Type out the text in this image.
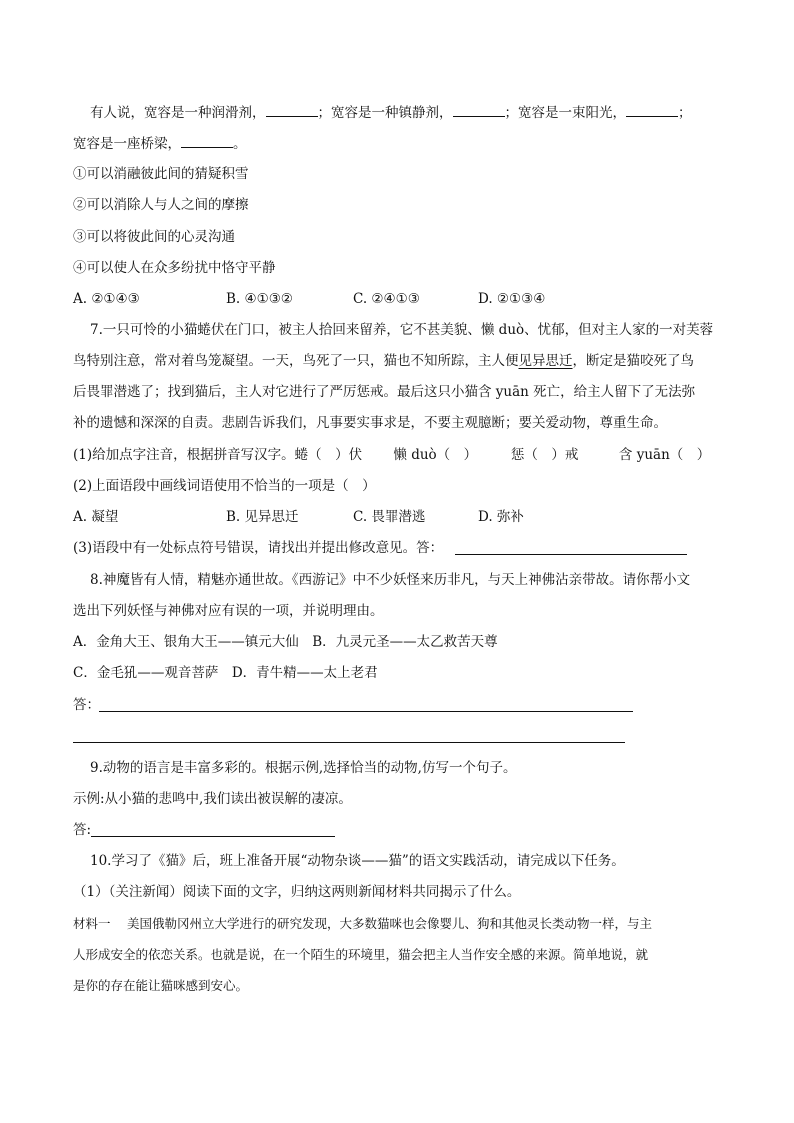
有人说，宽容是一种润滑剂，	；宽容是一种镇静剂，	；宽容是一束阳光，	；
宽容是一座桥梁，	。
①可以消融彼此间的猜疑积雪
②可以消除人与人之间的摩擦
③可以将彼此间的心灵沟通
④可以使人在众多纷扰中恪守平静
A. ②①④③	B. ④①③②	C. ②④①③	D. ②①③④
7.一只可怜的小猫蜷伏在门口，被主人拾回来留养，它不甚美貌、懒 duò、忧郁，但对主人家的一对芙蓉
鸟特别注意，常对着鸟笼凝望。一天，鸟死了一只，猫也不知所踪，主人便见异思迁，断定是猫咬死了鸟
后畏罪潜逃了；找到猫后，主人对它进行了严厉惩戒。最后这只小猫含 yuān 死亡，给主人留下了无法弥
补的遗憾和深深的自责。悲剧告诉我们，凡事要实事求是，不要主观臆断；要关爱动物，尊重生命。
(1)给加点字注音，根据拼音写汉字。蜷（　）伏　　 懒 duò（　）　　　惩（　）戒　　　含 yuān（　）
(2)上面语段中画线词语使用不恰当的一项是（　）
A. 凝望	B. 见异思迁	C. 畏罪潜逃	D. 弥补
(3)语段中有一处标点符号错误，请找出并提出修改意见。答：
8.神魔皆有人情，精魅亦通世故。《西游记》中不少妖怪来历非凡，与天上神佛沾亲带故。请你帮小文
选出下列妖怪与神佛对应有误的一项，并说明理由。
A．金角大王、银角大王——镇元大仙　B．九灵元圣——太乙救苦天尊
C．金毛犼——观音菩萨　D．青牛精——太上老君
答：
9.动物的语言是丰富多彩的。根据示例,选择恰当的动物,仿写一个句子。
示例:从小猫的悲鸣中,我们读出被误解的凄凉。
答:
10.学习了《猫》后，班上准备开展“动物杂谈——猫”的语文实践活动，请完成以下任务。
（1）（关注新闻）阅读下面的文字，归纳这两则新闻材料共同揭示了什么。
材料一　 美国俄勒冈州立大学进行的研究发现，大多数猫咪也会像婴儿、狗和其他灵长类动物一样，与主
人形成安全的依恋关系。也就是说，在一个陌生的环境里，猫会把主人当作安全感的来源。简单地说，就
是你的存在能让猫咪感到安心。
